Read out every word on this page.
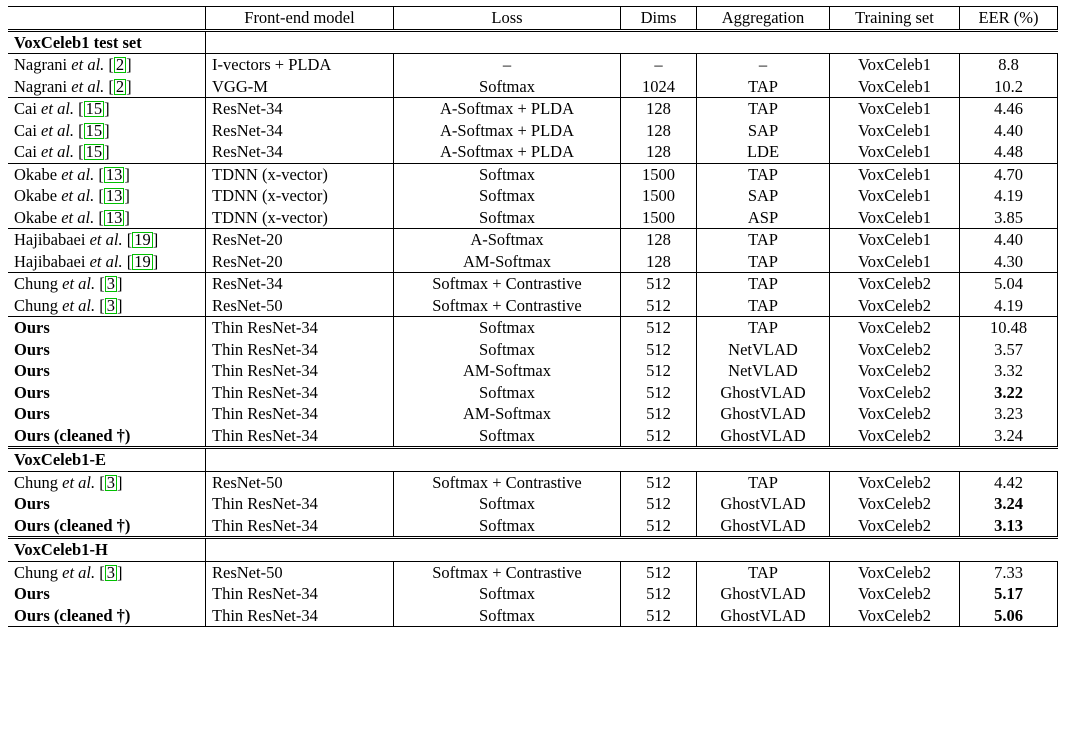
	Front-end model	Loss	Dims	Aggregation	Training set	EER (%)
VoxCeleb1 test set						
Nagrani et al. [ 2 ]	I-vectors + PLDA	–	–	–	VoxCeleb1	8.8
Nagrani et al. [ 2 ]	VGG-M	Softmax	1024	TAP	VoxCeleb1	10.2
Cai et al. [ 15 ]	ResNet-34	A-Softmax + PLDA	128	TAP	VoxCeleb1	4.46
Cai et al. [ 15 ]	ResNet-34	A-Softmax + PLDA	128	SAP	VoxCeleb1	4.40
Cai et al. [ 15 ]	ResNet-34	A-Softmax + PLDA	128	LDE	VoxCeleb1	4.48
Okabe et al. [ 13 ]	TDNN (x-vector)	Softmax	1500	TAP	VoxCeleb1	4.70
Okabe et al. [ 13 ]	TDNN (x-vector)	Softmax	1500	SAP	VoxCeleb1	4.19
Okabe et al. [ 13 ]	TDNN (x-vector)	Softmax	1500	ASP	VoxCeleb1	3.85
Hajibabaei et al. [ 19 ]	ResNet-20	A-Softmax	128	TAP	VoxCeleb1	4.40
Hajibabaei et al. [ 19 ]	ResNet-20	AM-Softmax	128	TAP	VoxCeleb1	4.30
Chung et al. [ 3 ]	ResNet-34	Softmax + Contrastive	512	TAP	VoxCeleb2	5.04
Chung et al. [ 3 ]	ResNet-50	Softmax + Contrastive	512	TAP	VoxCeleb2	4.19
Ours	Thin ResNet-34	Softmax	512	TAP	VoxCeleb2	10.48
Ours	Thin ResNet-34	Softmax	512	NetVLAD	VoxCeleb2	3.57
Ours	Thin ResNet-34	AM-Softmax	512	NetVLAD	VoxCeleb2	3.32
Ours	Thin ResNet-34	Softmax	512	GhostVLAD	VoxCeleb2	3.22
Ours	Thin ResNet-34	AM-Softmax	512	GhostVLAD	VoxCeleb2	3.23
Ours (cleaned †)	Thin ResNet-34	Softmax	512	GhostVLAD	VoxCeleb2	3.24
VoxCeleb1-E						
Chung et al. [ 3 ]	ResNet-50	Softmax + Contrastive	512	TAP	VoxCeleb2	4.42
Ours	Thin ResNet-34	Softmax	512	GhostVLAD	VoxCeleb2	3.24
Ours (cleaned †)	Thin ResNet-34	Softmax	512	GhostVLAD	VoxCeleb2	3.13
VoxCeleb1-H						
Chung et al. [ 3 ]	ResNet-50	Softmax + Contrastive	512	TAP	VoxCeleb2	7.33
Ours	Thin ResNet-34	Softmax	512	GhostVLAD	VoxCeleb2	5.17
Ours (cleaned †)	Thin ResNet-34	Softmax	512	GhostVLAD	VoxCeleb2	5.06
